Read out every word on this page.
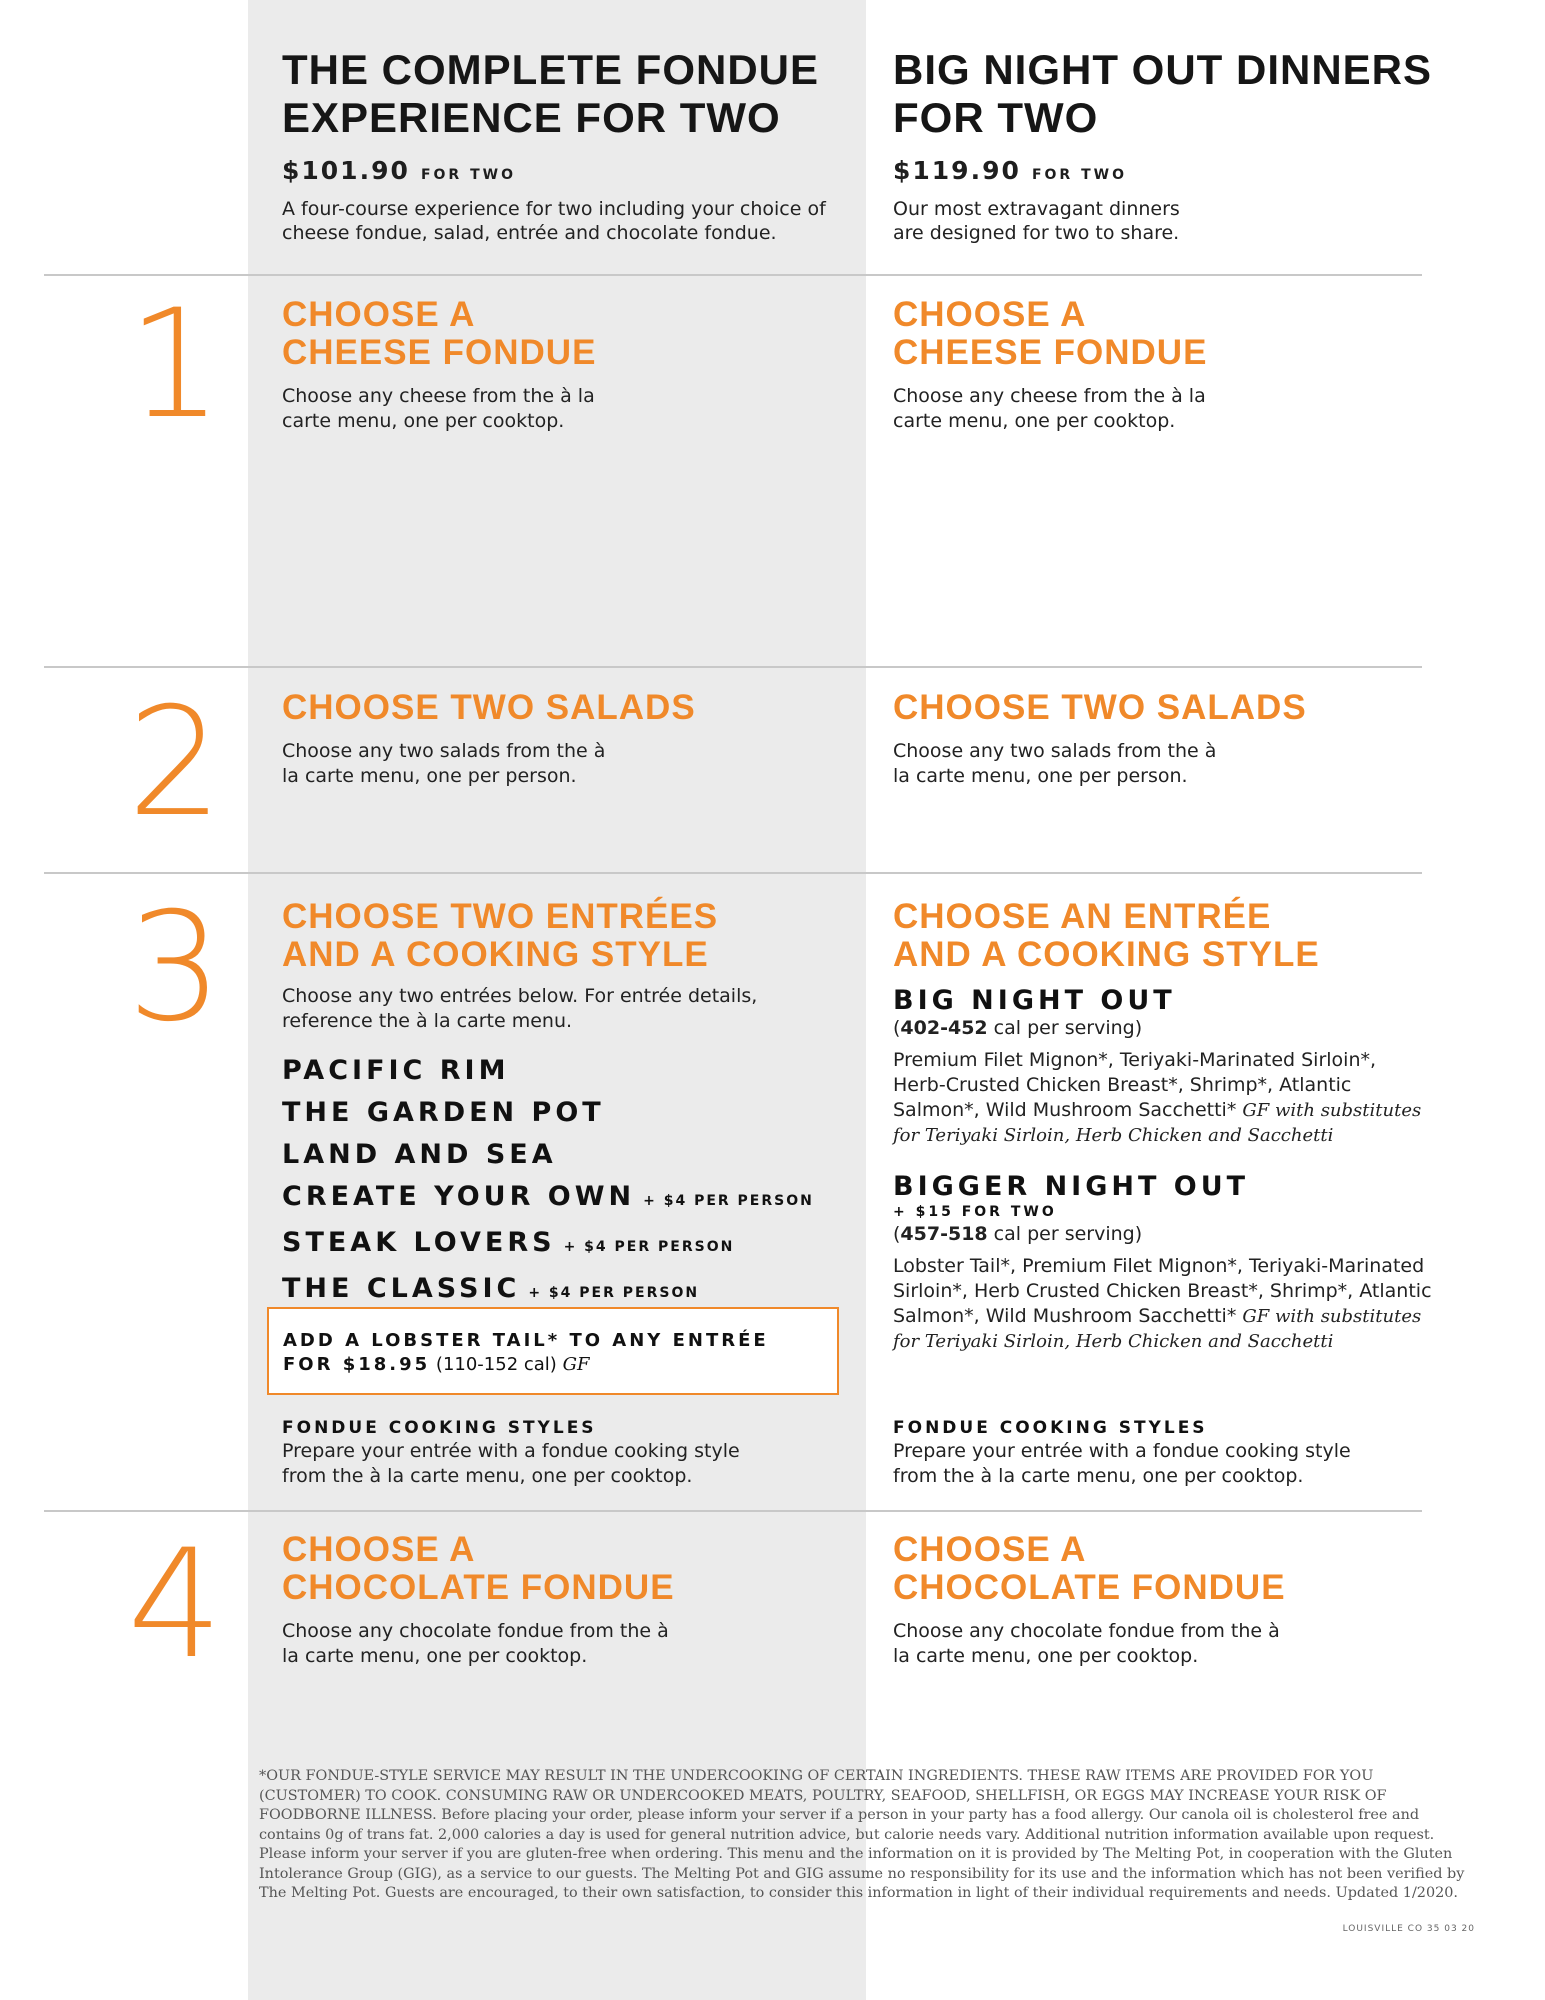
THE COMPLETE FONDUE EXPERIENCE FOR TWO
$101.90 FOR TWO
A four-course experience for two including your choice of cheese fondue, salad, entrée and chocolate fondue.
BIG NIGHT OUT DINNERS FOR TWO
$119.90 FOR TWO
Our most extravagant dinners are designed for two to share.
1	CHOOSE A CHEESE FONDUE
Choose any cheese from the à la carte menu, one per cooktop.
CHOOSE A CHEESE FONDUE
Choose any cheese from the à la carte menu, one per cooktop.
2	CHOOSE TWO SALADS
Choose any two salads from the à la carte menu, one per person.
CHOOSE TWO SALADS
Choose any two salads from the à la carte menu, one per person.
3	CHOOSE TWO ENTRÉES AND A COOKING STYLE
Choose any two entrées below. For entrée details, reference the à la carte menu.
PACIFIC RIM
THE GARDEN POT
LAND AND SEA
CREATE YOUR OWN + $4 PER PERSON
STEAK LOVERS + $4 PER PERSON
THE CLASSIC + $4 PER PERSON
ADD A LOBSTER TAIL* TO ANY ENTRÉE
FOR $18.95 (110-152 cal) GF
FONDUE COOKING STYLES
Prepare your entrée with a fondue cooking style from the à la carte menu, one per cooktop.
CHOOSE AN ENTRÉE AND A COOKING STYLE
BIG NIGHT OUT
(402-452 cal per serving)
Premium Filet Mignon*, Teriyaki-Marinated Sirloin*, Herb-Crusted Chicken Breast*, Shrimp*, Atlantic Salmon*, Wild Mushroom Sacchetti* GF with substitutes for Teriyaki Sirloin, Herb Chicken and Sacchetti
BIGGER NIGHT OUT
+ $15 FOR TWO
(457-518 cal per serving)
Lobster Tail*, Premium Filet Mignon*, Teriyaki-Marinated Sirloin*, Herb Crusted Chicken Breast*, Shrimp*, Atlantic Salmon*, Wild Mushroom Sacchetti* GF with substitutes for Teriyaki Sirloin, Herb Chicken and Sacchetti
FONDUE COOKING STYLES
Prepare your entrée with a fondue cooking style from the à la carte menu, one per cooktop.
4	CHOOSE A CHOCOLATE FONDUE
Choose any chocolate fondue from the à la carte menu, one per cooktop.
CHOOSE A CHOCOLATE FONDUE
Choose any chocolate fondue from the à la carte menu, one per cooktop.
*OUR FONDUE-STYLE SERVICE MAY RESULT IN THE UNDERCOOKING OF CERTAIN INGREDIENTS. THESE RAW ITEMS ARE PROVIDED FOR YOU (CUSTOMER) TO COOK. CONSUMING RAW OR UNDERCOOKED MEATS, POULTRY, SEAFOOD, SHELLFISH, OR EGGS MAY INCREASE YOUR RISK OF FOODBORNE ILLNESS. Before placing your order, please inform your server if a person in your party has a food allergy. Our canola oil is cholesterol free and contains 0g of trans fat. 2,000 calories a day is used for general nutrition advice, but calorie needs vary. Additional nutrition information available upon request. Please inform your server if you are gluten-free when ordering. This menu and the information on it is provided by The Melting Pot, in cooperation with the Gluten Intolerance Group (GIG), as a service to our guests. The Melting Pot and GIG assume no responsibility for its use and the information which has not been verified by The Melting Pot. Guests are encouraged, to their own satisfaction, to consider this information in light of their individual requirements and needs. Updated 1/2020.
LOUISVILLE CO 35 03 20
